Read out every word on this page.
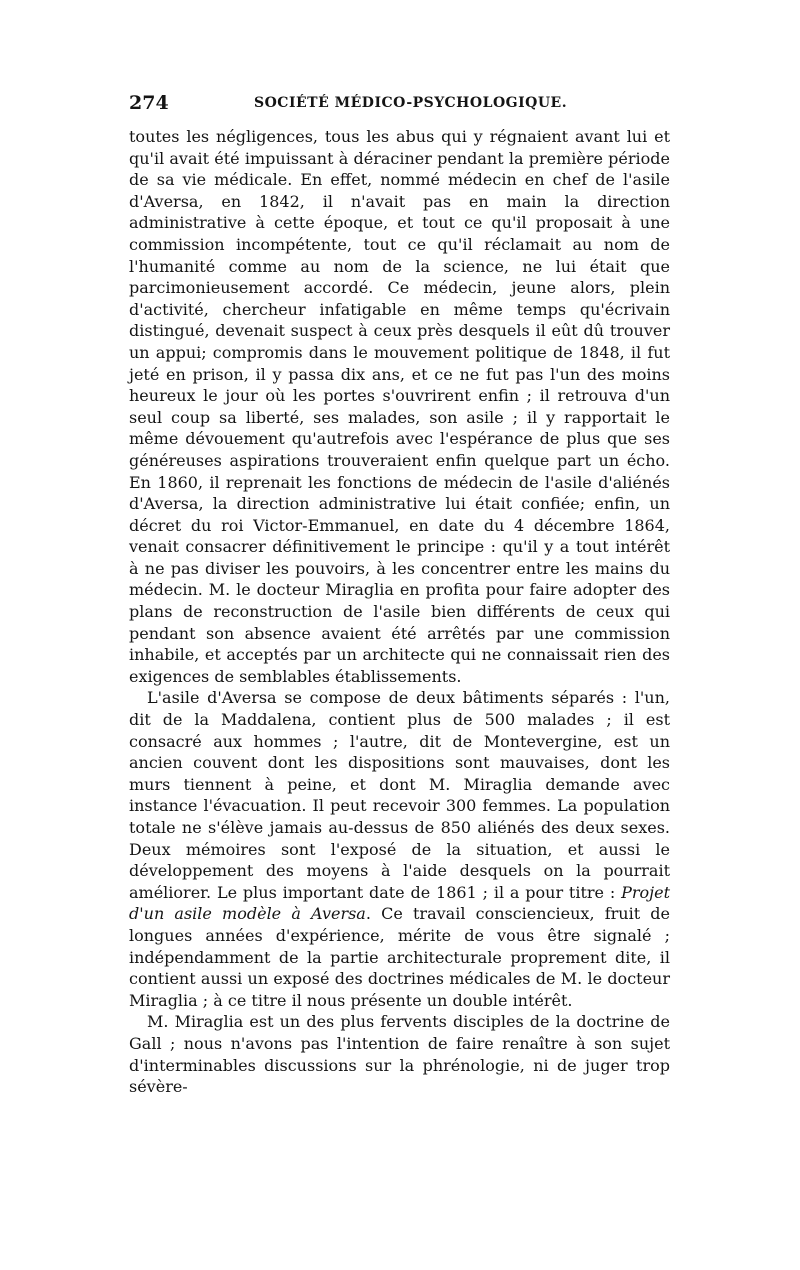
274	SOCIÉTÉ MÉDICO-PSYCHOLOGIQUE.

toutes les négligences, tous les abus qui y régnaient avant lui et qu'il avait été impuissant à déraciner pendant la première période de sa vie médicale. En effet, nommé médecin en chef de l'asile d'Aversa, en 1842, il n'avait pas en main la direction administrative à cette époque, et tout ce qu'il proposait à une commission incompétente, tout ce qu'il réclamait au nom de l'humanité comme au nom de la science, ne lui était que parcimonieusement accordé. Ce médecin, jeune alors, plein d'activité, chercheur infatigable en même temps qu'écrivain distingué, devenait suspect à ceux près desquels il eût dû trouver un appui; compromis dans le mouvement politique de 1848, il fut jeté en prison, il y passa dix ans, et ce ne fut pas l'un des moins heureux le jour où les portes s'ouvrirent enfin ; il retrouva d'un seul coup sa liberté, ses malades, son asile ; il y rapportait le même dévouement qu'autrefois avec l'espérance de plus que ses généreuses aspirations trouveraient enfin quelque part un écho. En 1860, il reprenait les fonctions de médecin de l'asile d'aliénés d'Aversa, la direction administrative lui était confiée; enfin, un décret du roi Victor-Emmanuel, en date du 4 décembre 1864, venait consacrer définitivement le principe : qu'il y a tout intérêt à ne pas diviser les pouvoirs, à les concentrer entre les mains du médecin. M. le docteur Miraglia en profita pour faire adopter des plans de reconstruction de l'asile bien différents de ceux qui pendant son absence avaient été arrêtés par une commission inhabile, et acceptés par un architecte qui ne connaissait rien des exigences de semblables établissements.

L'asile d'Aversa se compose de deux bâtiments séparés : l'un, dit de la Maddalena, contient plus de 500 malades ; il est consacré aux hommes ; l'autre, dit de Montevergine, est un ancien couvent dont les dispositions sont mauvaises, dont les murs tiennent à peine, et dont M. Miraglia demande avec instance l'évacuation. Il peut recevoir 300 femmes. La population totale ne s'élève jamais au-dessus de 850 aliénés des deux sexes. Deux mémoires sont l'exposé de la situation, et aussi le développement des moyens à l'aide desquels on la pourrait améliorer. Le plus important date de 1861 ; il a pour titre : Projet d'un asile modèle à Aversa. Ce travail consciencieux, fruit de longues années d'expérience, mérite de vous être signalé ; indépendamment de la partie architecturale proprement dite, il contient aussi un exposé des doctrines médicales de M. le docteur Miraglia ; à ce titre il nous présente un double intérêt.

M. Miraglia est un des plus fervents disciples de la doctrine de Gall ; nous n'avons pas l'intention de faire renaître à son sujet d'interminables discussions sur la phrénologie, ni de juger trop sévère-
